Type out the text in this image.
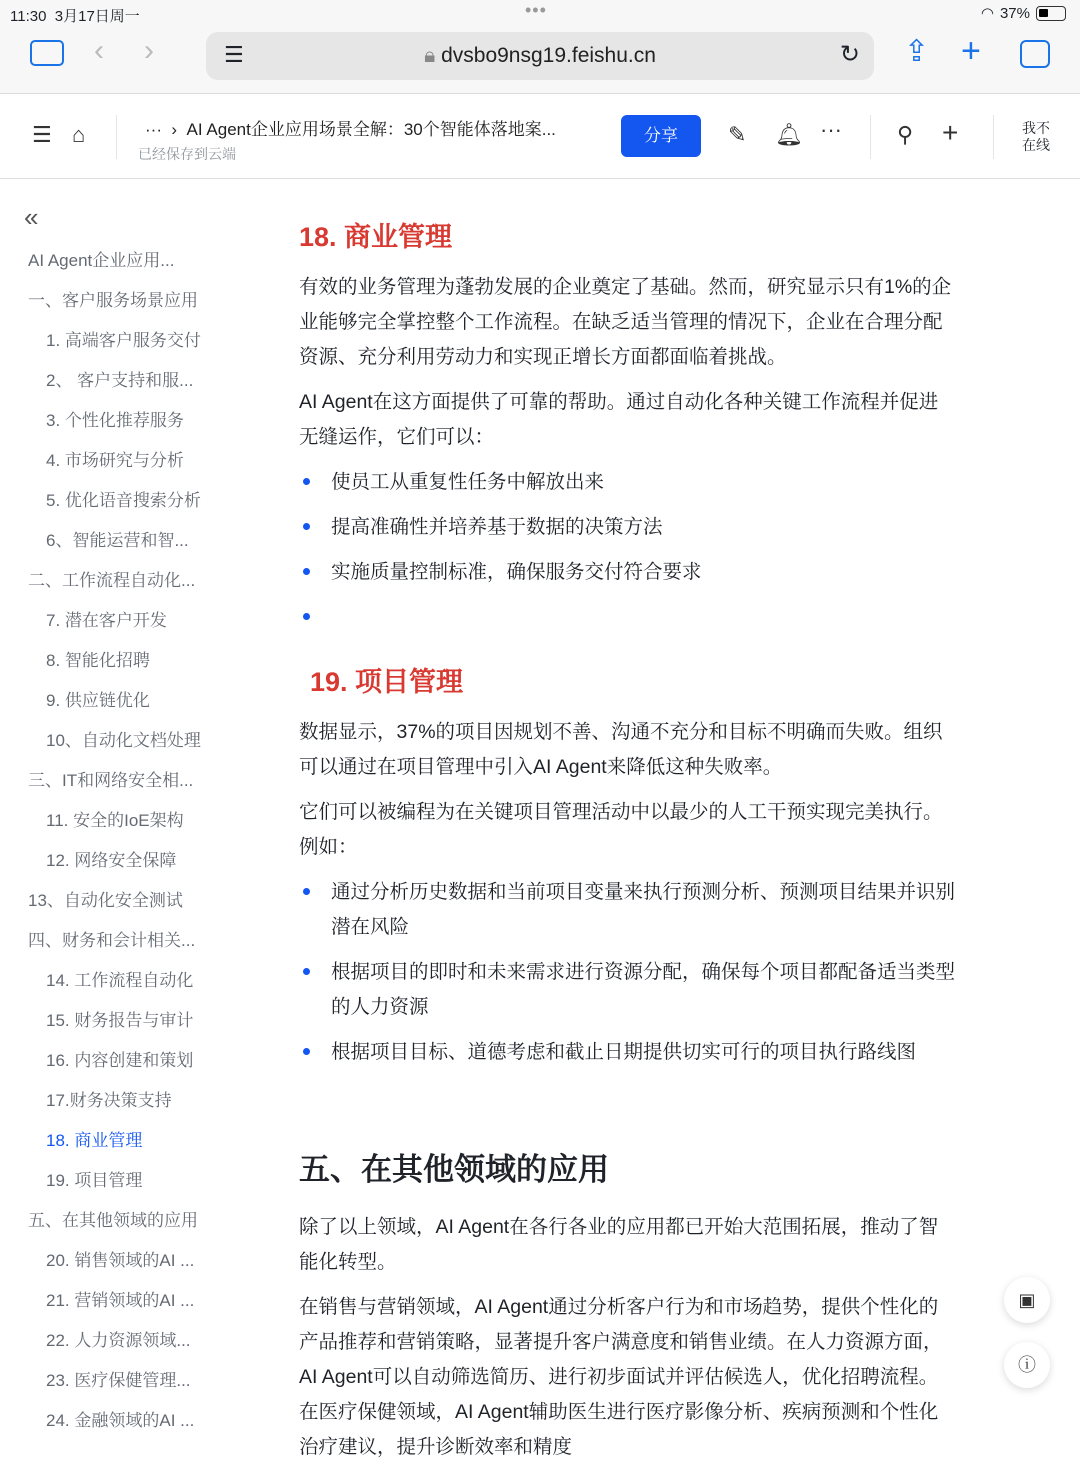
11:30 3月17日周一	•••	◠ 37%
‹ ›	☰	🔒︎ dvsbo9nsg19.feishu.cn	↻ ⇪ +
☰ ⌂	···  ›  AI Agent企业应用场景全解：30个智能体落地案...
已经保存到云端
分享	✎ 🔔︎ ···	⚲ +	我不在线
«
AI Agent企业应用...
一、客户服务场景应用
1. 高端客户服务交付
2、 客户支持和服...
3. 个性化推荐服务
4. 市场研究与分析
5. 优化语音搜索分析
6、智能运营和智...
二、工作流程自动化...
7. 潜在客户开发
8. 智能化招聘
9. 供应链优化
10、自动化文档处理
三、IT和网络安全相...
11. 安全的IoE架构
12. 网络安全保障
13、自动化安全测试
四、财务和会计相关...
14. 工作流程自动化
15. 财务报告与审计
16. 内容创建和策划
17.财务决策支持
18. 商业管理
19. 项目管理
五、在其他领域的应用
20. 销售领域的AI ...
21. 营销领域的AI ...
22. 人力资源领域...
23. 医疗保健管理...
24. 金融领域的AI ...
18. 商业管理
有效的业务管理为蓬勃发展的企业奠定了基础。然而，研究显示只有1%的企
业能够完全掌控整个工作流程。在缺乏适当管理的情况下，企业在合理分配
资源、充分利用劳动力和实现正增长方面都面临着挑战。
AI Agent在这方面提供了可靠的帮助。通过自动化各种关键工作流程并促进
无缝运作，它们可以：
使员工从重复性任务中解放出来
提高准确性并培养基于数据的决策方法
实施质量控制标准，确保服务交付符合要求
19. 项目管理
数据显示，37%的项目因规划不善、沟通不充分和目标不明确而失败。组织
可以通过在项目管理中引入AI Agent来降低这种失败率。
它们可以被编程为在关键项目管理活动中以最少的人工干预实现完美执行。
例如：
通过分析历史数据和当前项目变量来执行预测分析、预测项目结果并识别
潜在风险
根据项目的即时和未来需求进行资源分配，确保每个项目都配备适当类型
的人力资源
根据项目目标、道德考虑和截止日期提供切实可行的项目执行路线图
五、在其他领域的应用
除了以上领域，AI Agent在各行各业的应用都已开始大范围拓展，推动了智
能化转型。
在销售与营销领域，AI Agent通过分析客户行为和市场趋势，提供个性化的
产品推荐和营销策略，显著提升客户满意度和销售业绩。在人力资源方面，
AI Agent可以自动筛选简历、进行初步面试并评估候选人，优化招聘流程。
在医疗保健领域，AI Agent辅助医生进行医疗影像分析、疾病预测和个性化
治疗建议，提升诊断效率和精度
▣
ⓘ
